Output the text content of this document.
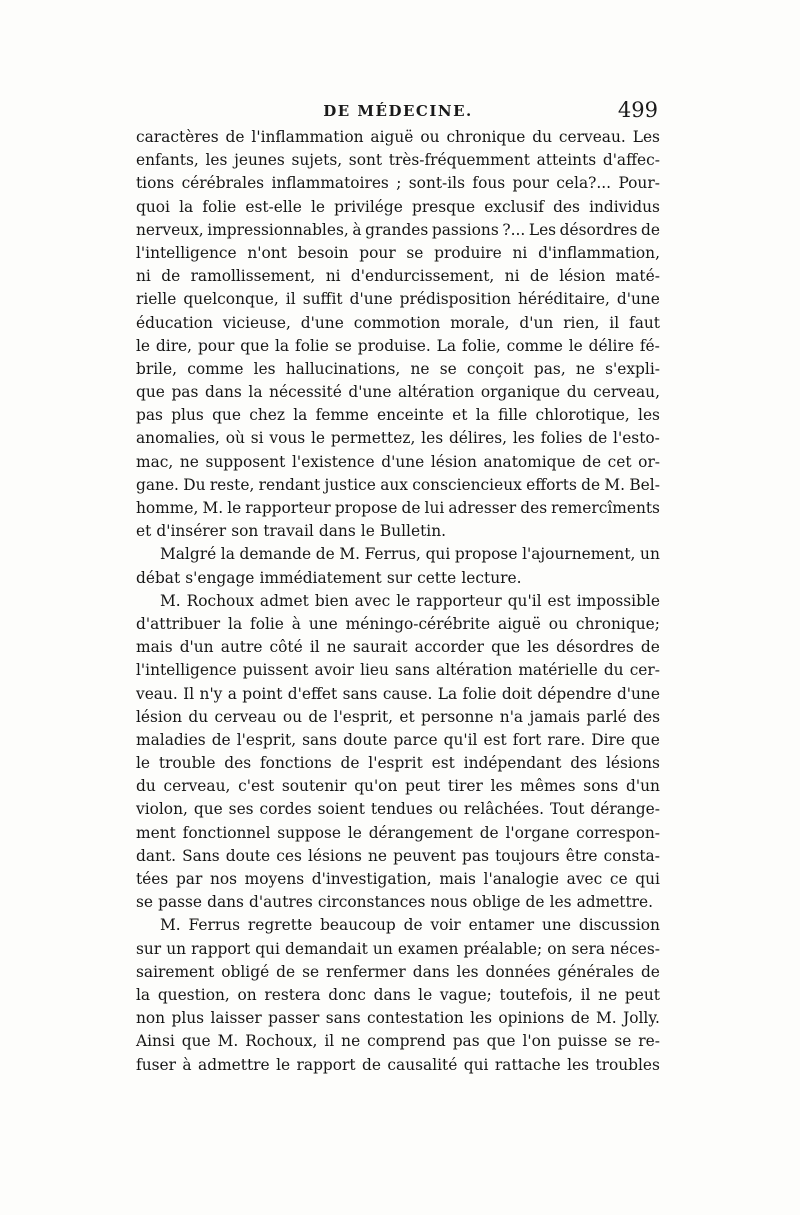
DE MÉDECINE.	499
caractères de l'inflammation aiguë ou chronique du cerveau. Les
enfants, les jeunes sujets, sont très-fréquemment atteints d'affec-
tions cérébrales inflammatoires ; sont-ils fous pour cela?... Pour-
quoi la folie est-elle le privilége presque exclusif des individus
nerveux, impressionnables, à grandes passions ?... Les désordres de
l'intelligence n'ont besoin pour se produire ni d'inflammation,
ni de ramollissement, ni d'endurcissement, ni de lésion maté-
rielle quelconque, il suffit d'une prédisposition héréditaire, d'une
éducation vicieuse, d'une commotion morale, d'un rien, il faut
le dire, pour que la folie se produise. La folie, comme le délire fé-
brile, comme les hallucinations, ne se conçoit pas, ne s'expli-
que pas dans la nécessité d'une altération organique du cerveau,
pas plus que chez la femme enceinte et la fille chlorotique, les
anomalies, où si vous le permettez, les délires, les folies de l'esto-
mac, ne supposent l'existence d'une lésion anatomique de cet or-
gane. Du reste, rendant justice aux consciencieux efforts de M. Bel-
homme, M. le rapporteur propose de lui adresser des remercîments
et d'insérer son travail dans le Bulletin.
Malgré la demande de M. Ferrus, qui propose l'ajournement, un
débat s'engage immédiatement sur cette lecture.
M. Rochoux admet bien avec le rapporteur qu'il est impossible
d'attribuer la folie à une méningo-cérébrite aiguë ou chronique;
mais d'un autre côté il ne saurait accorder que les désordres de
l'intelligence puissent avoir lieu sans altération matérielle du cer-
veau. Il n'y a point d'effet sans cause. La folie doit dépendre d'une
lésion du cerveau ou de l'esprit, et personne n'a jamais parlé des
maladies de l'esprit, sans doute parce qu'il est fort rare. Dire que
le trouble des fonctions de l'esprit est indépendant des lésions
du cerveau, c'est soutenir qu'on peut tirer les mêmes sons d'un
violon, que ses cordes soient tendues ou relâchées. Tout dérange-
ment fonctionnel suppose le dérangement de l'organe correspon-
dant. Sans doute ces lésions ne peuvent pas toujours être consta-
tées par nos moyens d'investigation, mais l'analogie avec ce qui
se passe dans d'autres circonstances nous oblige de les admettre.
M. Ferrus regrette beaucoup de voir entamer une discussion
sur un rapport qui demandait un examen préalable; on sera néces-
sairement obligé de se renfermer dans les données générales de
la question, on restera donc dans le vague; toutefois, il ne peut
non plus laisser passer sans contestation les opinions de M. Jolly.
Ainsi que M. Rochoux, il ne comprend pas que l'on puisse se re-
fuser à admettre le rapport de causalité qui rattache les troubles
